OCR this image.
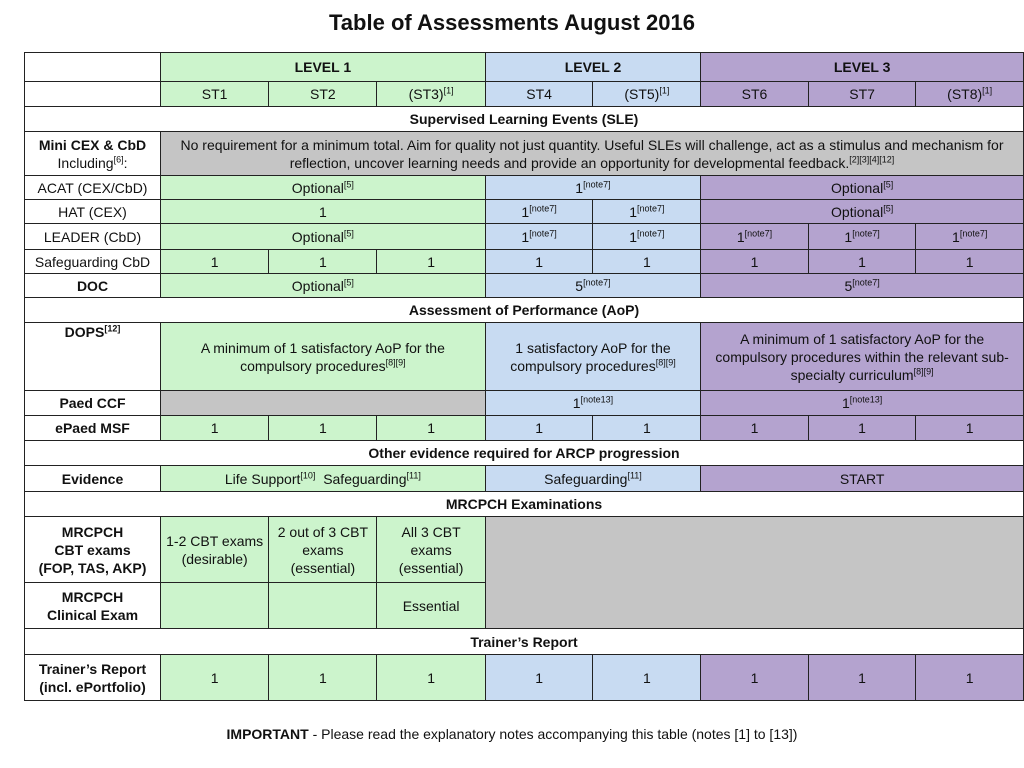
Table of Assessments August 2016
	LEVEL 1			LEVEL 2		LEVEL 3		
	ST1	ST2	(ST3)[1]	ST4	(ST5)[1]	ST6	ST7	(ST8)[1]
Supervised Learning Events (SLE)								
Mini CEX & CbD
Including[6]:	No requirement for a minimum total. Aim for quality not just quantity. Useful SLEs will challenge, act as a stimulus and mechanism for reflection, uncover learning needs and provide an opportunity for developmental feedback.[2][3][4][12]
ACAT (CEX/CbD)	Optional[5]			1[note7]		Optional[5]
HAT (CEX)	1			1[note7]	1[note7]	Optional[5]
LEADER (CbD)	Optional[5]			1[note7]	1[note7]	1[note7]	1[note7]	1[note7]
Safeguarding CbD	1	1	1	1	1	1	1	1
DOC	Optional[5]			5[note7]		5[note7]
Assessment of Performance (AoP)								
DOPS[12]	A minimum of 1 satisfactory AoP for the compulsory procedures[8][9]			1 satisfactory AoP for the compulsory procedures[8][9]		A minimum of 1 satisfactory AoP for the compulsory procedures within the relevant sub-specialty curriculum[8][9]
Paed CCF				1[note13]		1[note13]
ePaed MSF	1	1	1	1	1	1	1	1
Other evidence required for ARCP progression								
Evidence	Life Support[10] Safeguarding[11]			Safeguarding[11]		START		
MRCPCH Examinations								
MRCPCH
CBT exams
(FOP, TAS, AKP)	1-2 CBT exams (desirable)	2 out of 3 CBT exams (essential)	All 3 CBT exams (essential)					
MRCPCH
Clinical Exam			Essential					
Trainer’s Report								
Trainer’s Report
(incl. ePortfolio)	1	1	1	1	1	1	1	1
IMPORTANT - Please read the explanatory notes accompanying this table (notes [1] to [13])
